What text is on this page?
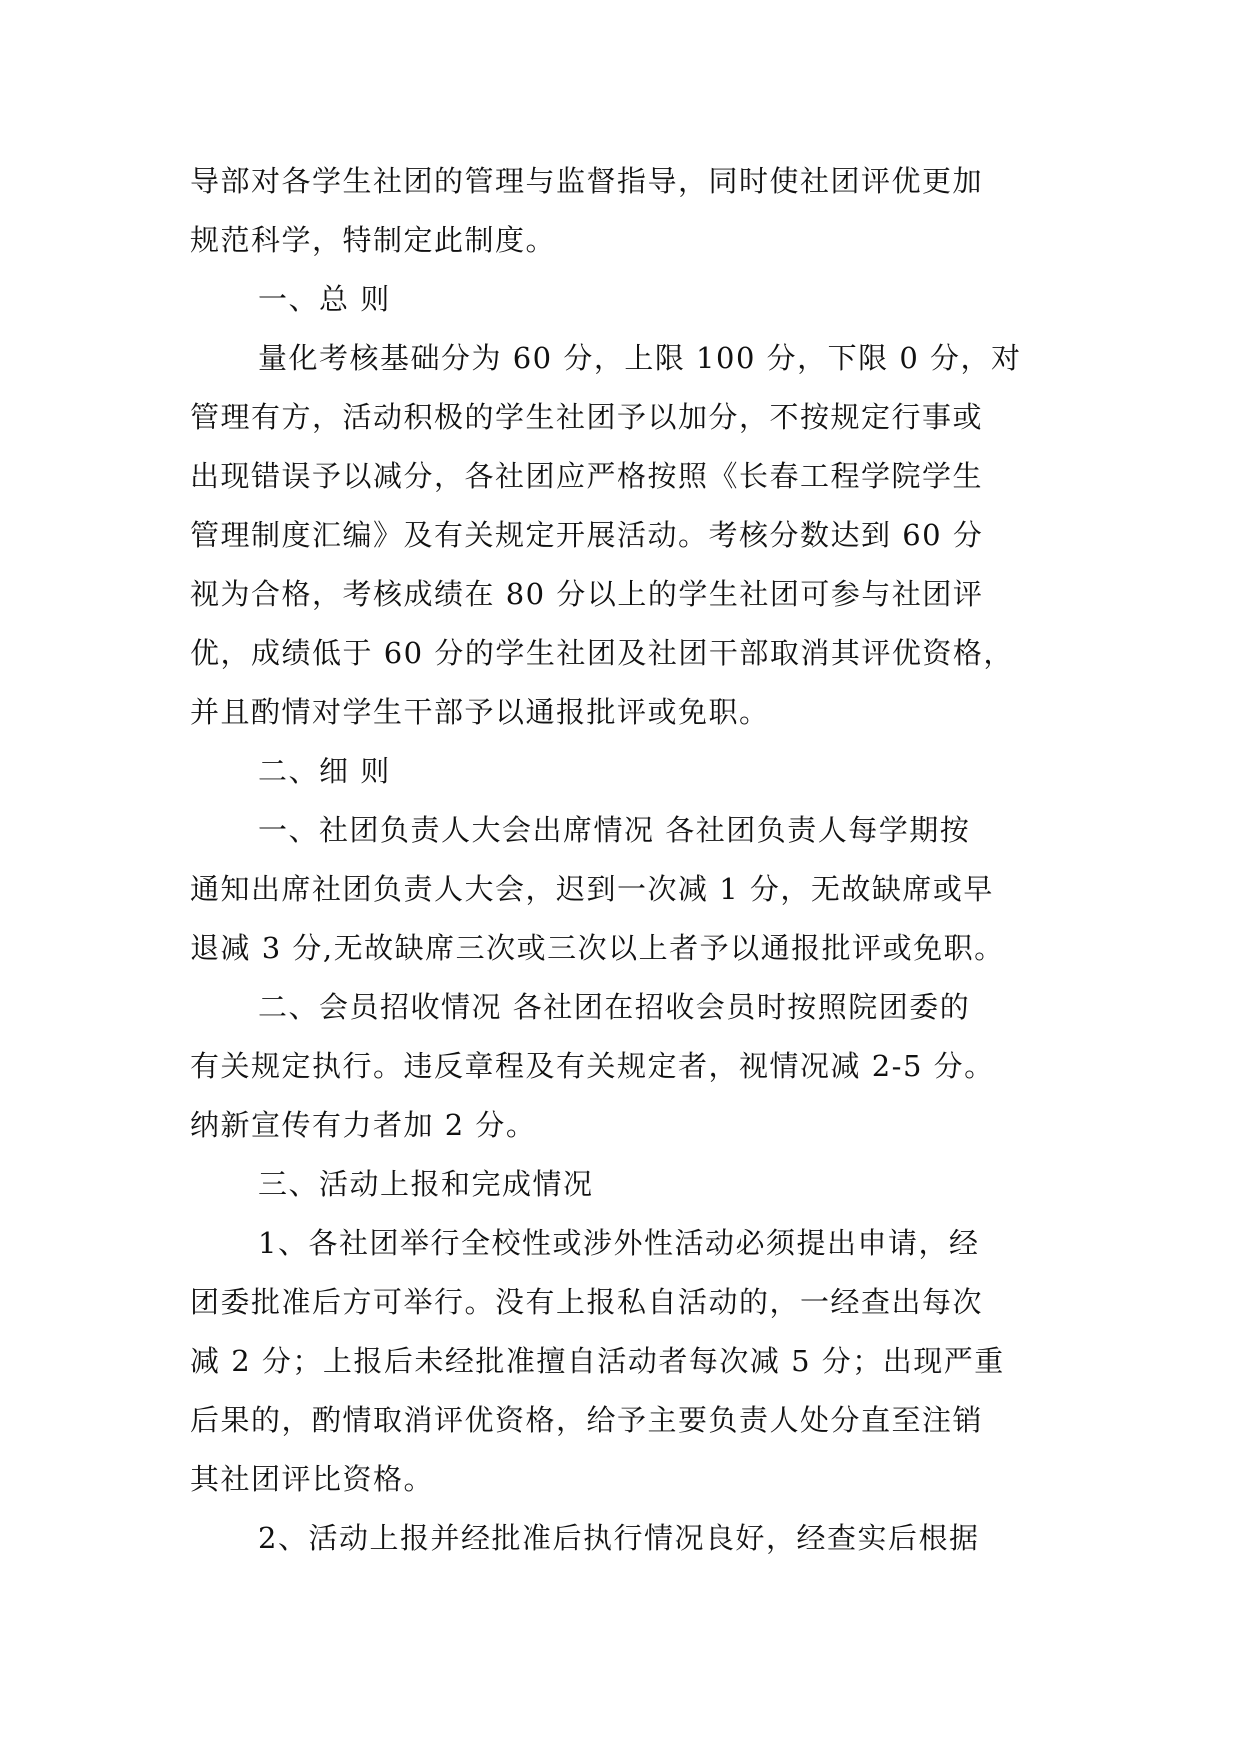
导部对各学生社团的管理与监督指导，同时使社团评优更加
规范科学，特制定此制度。
一、总 则
量化考核基础分为 60 分，上限 100 分，下限 0 分，对
管理有方，活动积极的学生社团予以加分，不按规定行事或
出现错误予以减分，各社团应严格按照《长春工程学院学生
管理制度汇编》及有关规定开展活动。考核分数达到 60 分
视为合格，考核成绩在 80 分以上的学生社团可参与社团评
优，成绩低于 60 分的学生社团及社团干部取消其评优资格，
并且酌情对学生干部予以通报批评或免职。
二、细 则
一、社团负责人大会出席情况 各社团负责人每学期按
通知出席社团负责人大会，迟到一次减 1 分，无故缺席或早
退减 3 分,无故缺席三次或三次以上者予以通报批评或免职。
二、会员招收情况 各社团在招收会员时按照院团委的
有关规定执行。违反章程及有关规定者，视情况减 2-5 分。
纳新宣传有力者加 2 分。
三、活动上报和完成情况
1、各社团举行全校性或涉外性活动必须提出申请，经
团委批准后方可举行。没有上报私自活动的，一经查出每次
减 2 分；上报后未经批准擅自活动者每次减 5 分；出现严重
后果的，酌情取消评优资格，给予主要负责人处分直至注销
其社团评比资格。
2、活动上报并经批准后执行情况良好，经查实后根据
